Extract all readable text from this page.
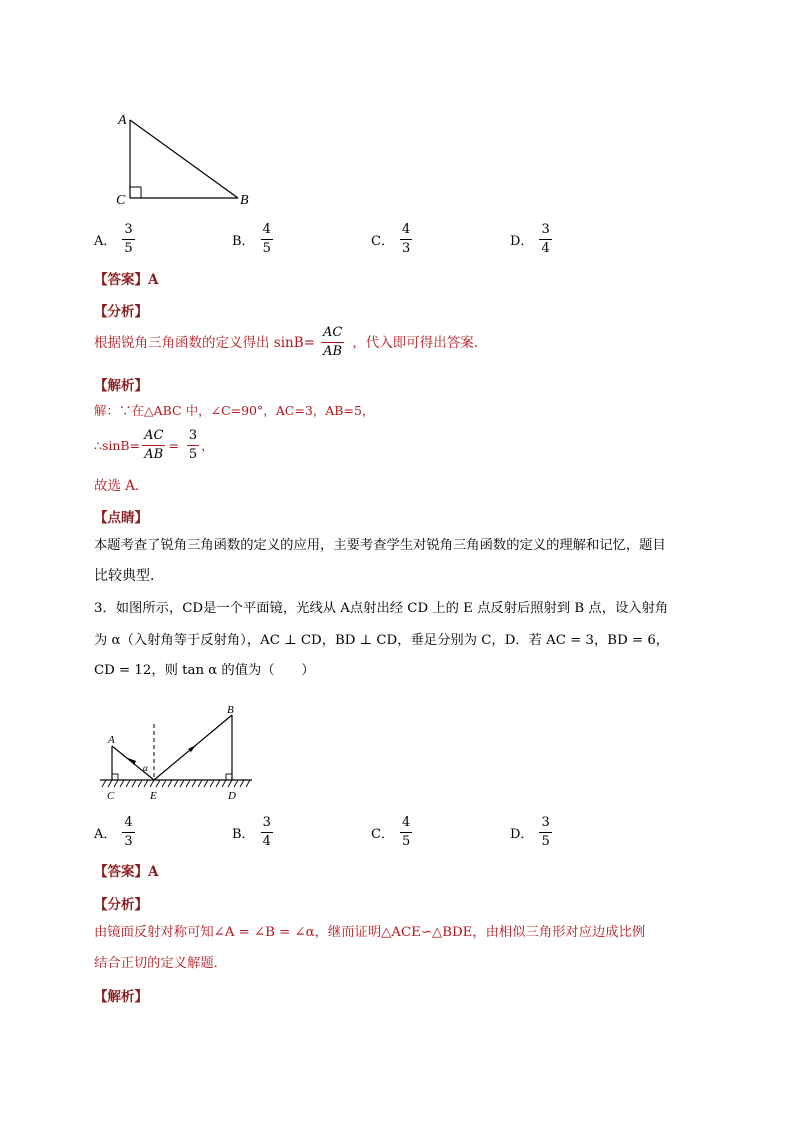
A
C	B
A． $\frac{3}{5}$	B． $\frac{4}{5}$	C． $\frac{4}{3}$	D． $\frac{3}{4}$
【答案】A
【分析】
根据锐角三角函数的定义得出 $\sin B= \frac{AC}{AB}$ ，代入即可得出答案．
【解析】
解：∵在△ABC 中，∠C=90°，AC=3，AB=5，
∴sinB= $\frac{AC}{AB} = \frac{3}{5}$ ，
故选 A．
【点睛】
本题考查了锐角三角函数的定义的应用，主要考查学生对锐角三角函数的定义的理解和记忆，题目
比较典型．
3．如图所示，CD是一个平面镜，光线从 A点射出经 CD 上的 E 点反射后照射到 B 点，设入射角
为 α（入射角等于反射角），AC ⊥ CD，BD ⊥ CD，垂足分别为 C，D．若 AC = 3，BD = 6，
CD = 12，则 tan α 的值为（　　）
α
A
B
C	E	D
A． $\frac{4}{3}$	B． $\frac{3}{4}$	C． $\frac{4}{5}$	D． $\frac{3}{5}$
【答案】A
【分析】
由镜面反射对称可知∠A = ∠B = ∠α，继而证明△ACE∽△BDE，由相似三角形对应边成比例
结合正切的定义解题．
【解析】
